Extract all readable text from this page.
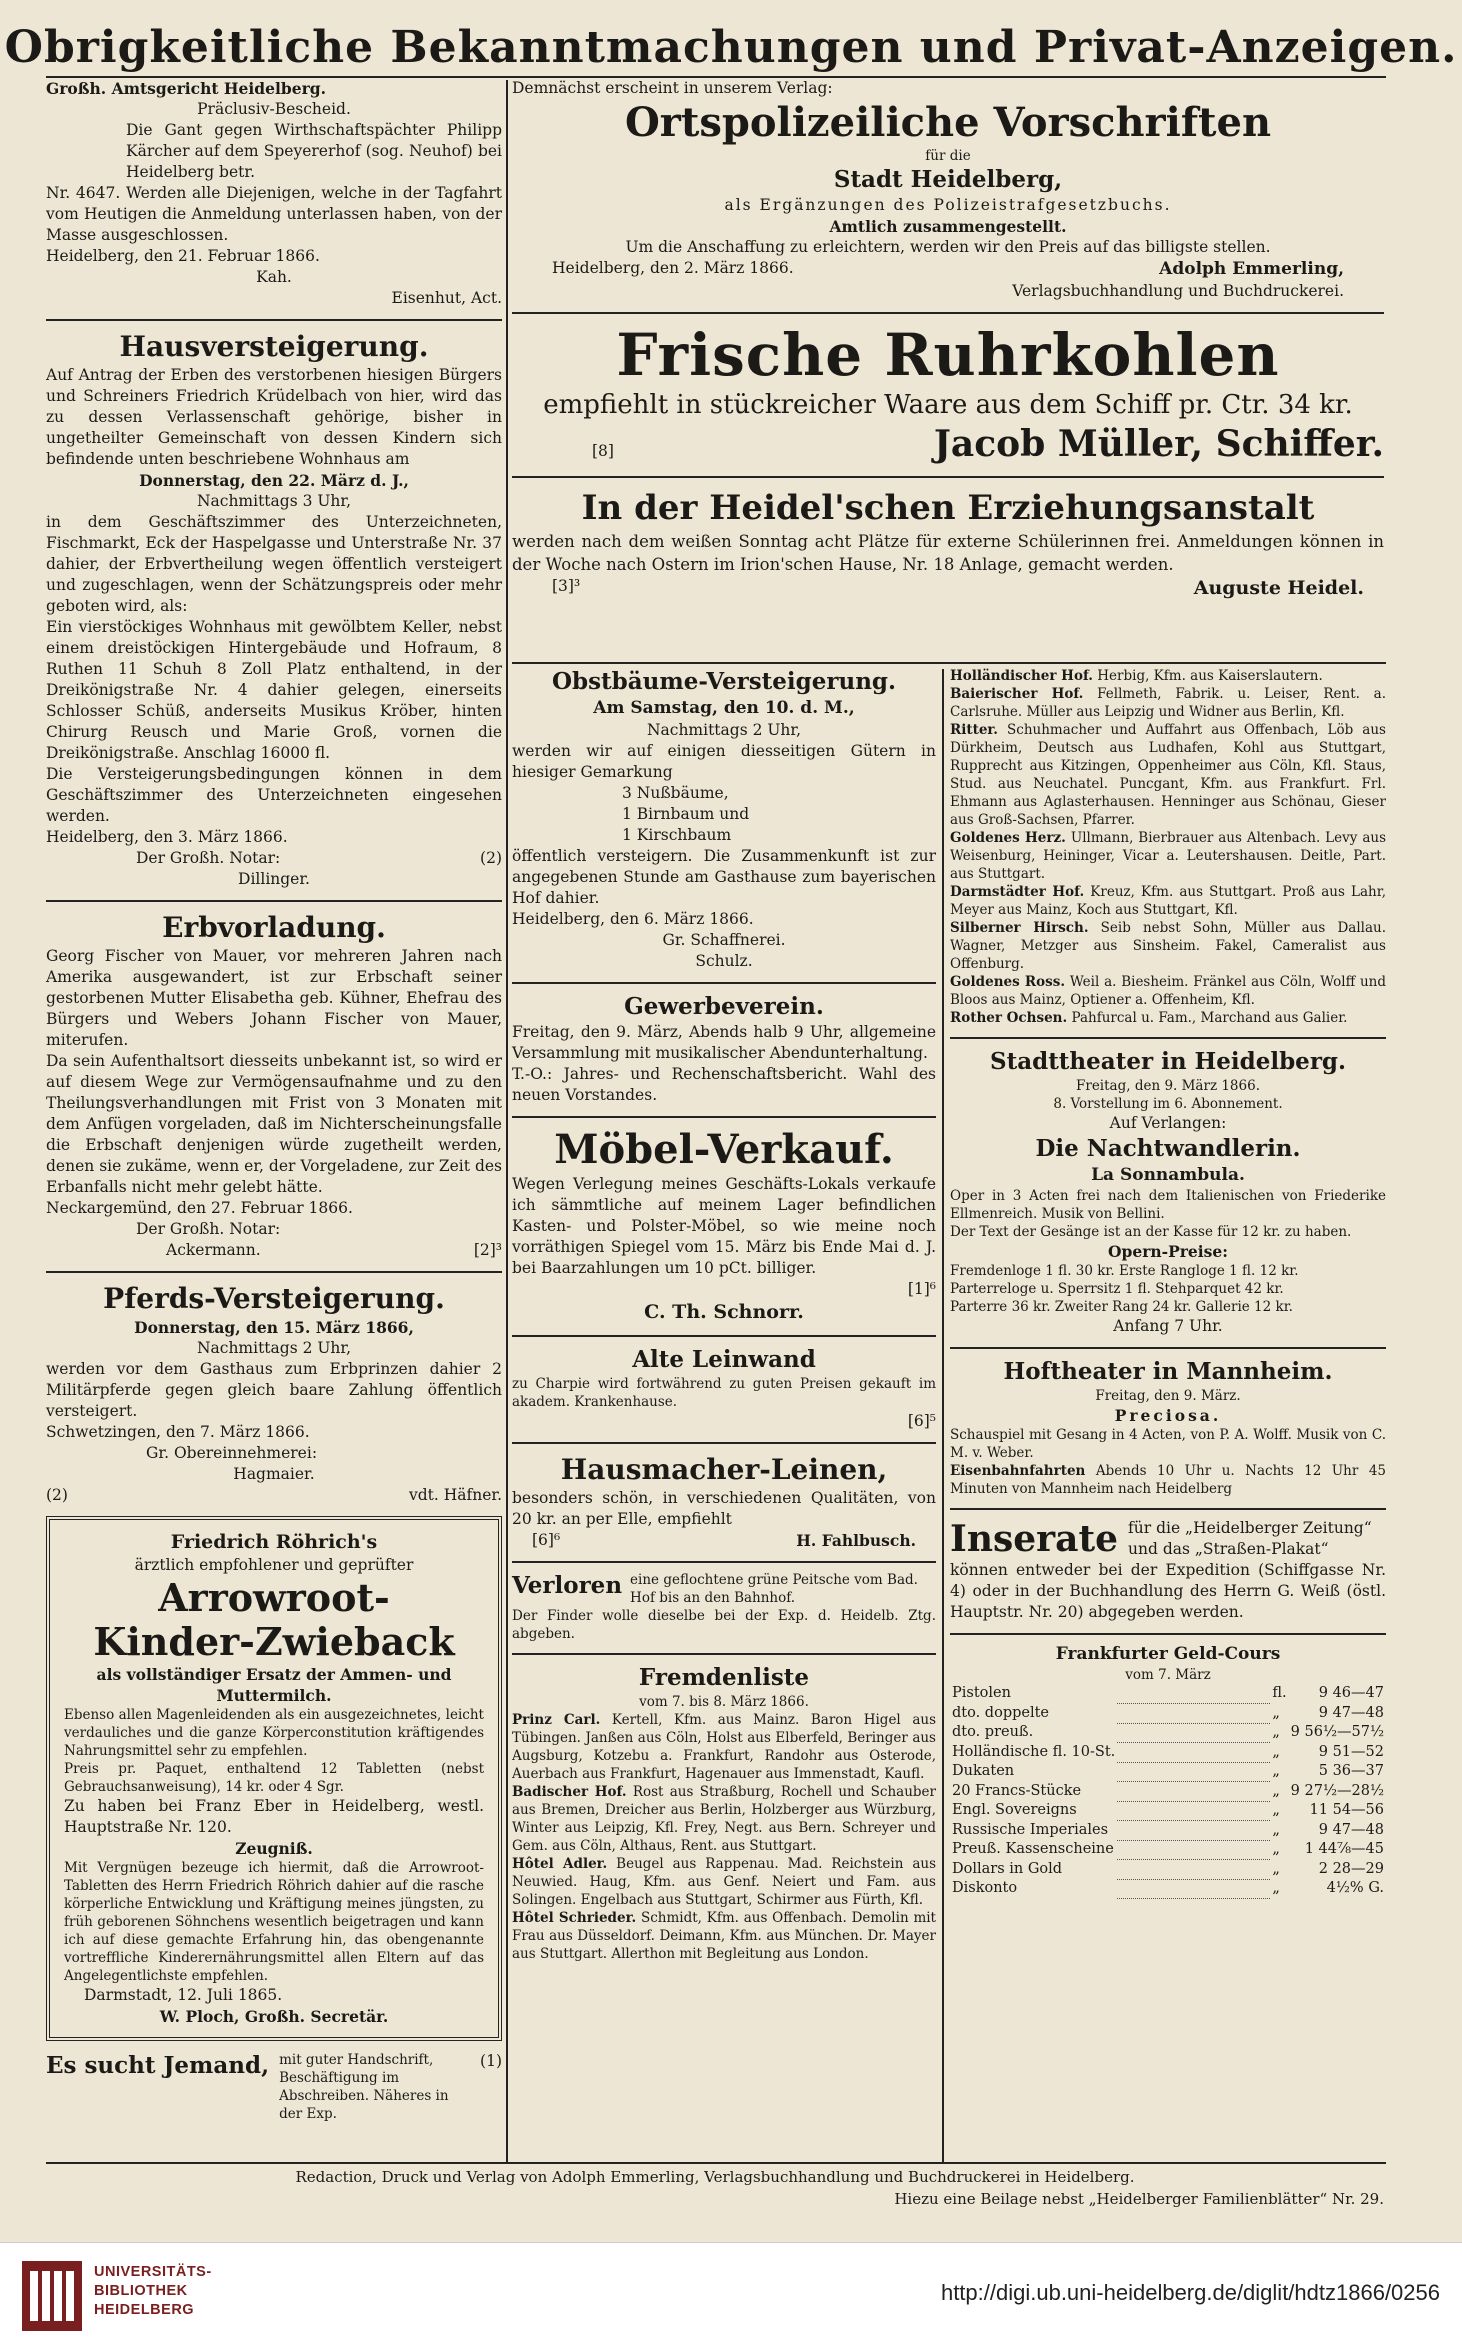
Obrigkeitliche Bekanntmachungen und Privat-Anzeigen.
Großh. Amtsgericht Heidelberg.
Präclusiv-Bescheid.
Die Gant gegen Wirthschaftspächter Philipp Kärcher auf dem Speyererhof (sog. Neuhof) bei Heidelberg betr.
Nr. 4647. Werden alle Diejenigen, welche in der Tagfahrt vom Heutigen die Anmeldung unterlassen haben, von der Masse ausgeschlossen.
Heidelberg, den 21. Februar 1866.
Kah.
Eisenhut, Act.
Hausversteigerung.
Auf Antrag der Erben des verstorbenen hiesigen Bürgers und Schreiners Friedrich Krüdelbach von hier, wird das zu dessen Verlassenschaft gehörige, bisher in ungetheilter Gemeinschaft von dessen Kindern sich befindende unten beschriebene Wohnhaus am
Donnerstag, den 22. März d. J.,
Nachmittags 3 Uhr,
in dem Geschäftszimmer des Unterzeichneten, Fischmarkt, Eck der Haspelgasse und Unterstraße Nr. 37 dahier, der Erbvertheilung wegen öffentlich versteigert und zugeschlagen, wenn der Schätzungspreis oder mehr geboten wird, als:
Ein vierstöckiges Wohnhaus mit gewölbtem Keller, nebst einem dreistöckigen Hintergebäude und Hofraum, 8 Ruthen 11 Schuh 8 Zoll Platz enthaltend, in der Dreikönigstraße Nr. 4 dahier gelegen, einerseits Schlosser Schüß, anderseits Musikus Kröber, hinten Chirurg Reusch und Marie Groß, vornen die Dreikönigstraße. Anschlag 16000 fl.
Die Versteigerungsbedingungen können in dem Geschäftszimmer des Unterzeichneten eingesehen werden.
Heidelberg, den 3. März 1866.
Der Großh. Notar:	(2)
Dillinger.
Erbvorladung.
Georg Fischer von Mauer, vor mehreren Jahren nach Amerika ausgewandert, ist zur Erbschaft seiner gestorbenen Mutter Elisabetha geb. Kühner, Ehefrau des Bürgers und Webers Johann Fischer von Mauer, miterufen.
Da sein Aufenthaltsort diesseits unbekannt ist, so wird er auf diesem Wege zur Vermögensaufnahme und zu den Theilungsverhandlungen mit Frist von 3 Monaten mit dem Anfügen vorgeladen, daß im Nichterscheinungsfalle die Erbschaft denjenigen würde zugetheilt werden, denen sie zukäme, wenn er, der Vorgeladene, zur Zeit des Erbanfalls nicht mehr gelebt hätte.
Neckargemünd, den 27. Februar 1866.
Der Großh. Notar:
Ackermann.	[2]³
Pferds-Versteigerung.
Donnerstag, den 15. März 1866,
Nachmittags 2 Uhr,
werden vor dem Gasthaus zum Erbprinzen dahier 2 Militärpferde gegen gleich baare Zahlung öffentlich versteigert.
Schwetzingen, den 7. März 1866.
Gr. Obereinnehmerei:
Hagmaier.
(2)	vdt. Häfner.
Friedrich Röhrich's
ärztlich empfohlener und geprüfter
Arrowroot-
Kinder-Zwieback
als vollständiger Ersatz der Ammen- und Muttermilch.
Ebenso allen Magenleidenden als ein ausgezeichnetes, leicht verdauliches und die ganze Körperconstitution kräftigendes Nahrungsmittel sehr zu empfehlen.
Preis pr. Paquet, enthaltend 12 Tabletten (nebst Gebrauchsanweisung), 14 kr. oder 4 Sgr.
Zu haben bei Franz Eber in Heidelberg, westl. Hauptstraße Nr. 120.
Zeugniß.
Mit Vergnügen bezeuge ich hiermit, daß die Arrowroot-Tabletten des Herrn Friedrich Röhrich dahier auf die rasche körperliche Entwicklung und Kräftigung meines jüngsten, zu früh geborenen Söhnchens wesentlich beigetragen und kann ich auf diese gemachte Erfahrung hin, das obengenannte vortreffliche Kinderernährungsmittel allen Eltern auf das Angelegentlichste empfehlen.
Darmstadt, 12. Juli 1865.
W. Ploch, Großh. Secretär.
Es sucht Jemand, mit guter Handschrift, Beschäftigung im Abschreiben. Näheres in der Exp.
(1)
Demnächst erscheint in unserem Verlag:
Ortspolizeiliche Vorschriften
für die
Stadt Heidelberg,
als Ergänzungen des Polizeistrafgesetzbuchs.
Amtlich zusammengestellt.
Um die Anschaffung zu erleichtern, werden wir den Preis auf das billigste stellen.
Heidelberg, den 2. März 1866.	Adolph Emmerling,
Verlagsbuchhandlung und Buchdruckerei.
Frische Ruhrkohlen
empfiehlt in stückreicher Waare aus dem Schiff pr. Ctr. 34 kr.
[8]	Jacob Müller, Schiffer.
In der Heidel'schen Erziehungsanstalt
werden nach dem weißen Sonntag acht Plätze für externe Schülerinnen frei. Anmeldungen können in der Woche nach Ostern im Irion'schen Hause, Nr. 18 Anlage, gemacht werden.
[3]³	Auguste Heidel.
Obstbäume-Versteigerung.
Am Samstag, den 10. d. M.,
Nachmittags 2 Uhr,
werden wir auf einigen diesseitigen Gütern in hiesiger Gemarkung
3 Nußbäume,
1 Birnbaum und
1 Kirschbaum
öffentlich versteigern. Die Zusammenkunft ist zur angegebenen Stunde am Gasthause zum bayerischen Hof dahier.
Heidelberg, den 6. März 1866.
Gr. Schaffnerei.
Schulz.
Gewerbeverein.
Freitag, den 9. März, Abends halb 9 Uhr, allgemeine Versammlung mit musikalischer Abendunterhaltung.
T.-O.: Jahres- und Rechenschaftsbericht. Wahl des neuen Vorstandes.
Möbel-Verkauf.
Wegen Verlegung meines Geschäfts-Lokals verkaufe ich sämmtliche auf meinem Lager befindlichen Kasten- und Polster-Möbel, so wie meine noch vorräthigen Spiegel vom 15. März bis Ende Mai d. J. bei Baarzahlungen um 10 pCt. billiger.
[1]⁶
C. Th. Schnorr.
Alte Leinwand
zu Charpie wird fortwährend zu guten Preisen gekauft im akadem. Krankenhause.
[6]⁵
Hausmacher-Leinen,
besonders schön, in verschiedenen Qualitäten, von 20 kr. an per Elle, empfiehlt
[6]⁶	H. Fahlbusch.
Verloren eine geflochtene grüne Peitsche vom Bad. Hof bis an den Bahnhof.
Der Finder wolle dieselbe bei der Exp. d. Heidelb. Ztg. abgeben.
Fremdenliste
vom 7. bis 8. März 1866.
Prinz Carl. Kertell, Kfm. aus Mainz. Baron Higel aus Tübingen. Janßen aus Cöln, Holst aus Elberfeld, Beringer aus Augsburg, Kotzebu a. Frankfurt, Randohr aus Osterode, Auerbach aus Frankfurt, Hagenauer aus Immenstadt, Kaufl.
Badischer Hof. Rost aus Straßburg, Rochell und Schauber aus Bremen, Dreicher aus Berlin, Holzberger aus Würzburg, Winter aus Leipzig, Kfl. Frey, Negt. aus Bern. Schreyer und Gem. aus Cöln, Althaus, Rent. aus Stuttgart.
Hôtel Adler. Beugel aus Rappenau. Mad. Reichstein aus Neuwied. Haug, Kfm. aus Genf. Neiert und Fam. aus Solingen. Engelbach aus Stuttgart, Schirmer aus Fürth, Kfl.
Hôtel Schrieder. Schmidt, Kfm. aus Offenbach. Demolin mit Frau aus Düsseldorf. Deimann, Kfm. aus München. Dr. Mayer aus Stuttgart. Allerthon mit Begleitung aus London.
Holländischer Hof. Herbig, Kfm. aus Kaiserslautern.
Baierischer Hof. Fellmeth, Fabrik. u. Leiser, Rent. a. Carlsruhe. Müller aus Leipzig und Widner aus Berlin, Kfl.
Ritter. Schuhmacher und Auffahrt aus Offenbach, Löb aus Dürkheim, Deutsch aus Ludhafen, Kohl aus Stuttgart, Rupprecht aus Kitzingen, Oppenheimer aus Cöln, Kfl. Staus, Stud. aus Neuchatel. Puncgant, Kfm. aus Frankfurt. Frl. Ehmann aus Aglasterhausen. Henninger aus Schönau, Gieser aus Groß-Sachsen, Pfarrer.
Goldenes Herz. Ullmann, Bierbrauer aus Altenbach. Levy aus Weisenburg, Heininger, Vicar a. Leutershausen. Deitle, Part. aus Stuttgart.
Darmstädter Hof. Kreuz, Kfm. aus Stuttgart. Proß aus Lahr, Meyer aus Mainz, Koch aus Stuttgart, Kfl.
Silberner Hirsch. Seib nebst Sohn, Müller aus Dallau. Wagner, Metzger aus Sinsheim. Fakel, Cameralist aus Offenburg.
Goldenes Ross. Weil a. Biesheim. Fränkel aus Cöln, Wolff und Bloos aus Mainz, Optiener a. Offenheim, Kfl.
Rother Ochsen. Pahfurcal u. Fam., Marchand aus Galier.
Stadttheater in Heidelberg.
Freitag, den 9. März 1866.
8. Vorstellung im 6. Abonnement.
Auf Verlangen:
Die Nachtwandlerin.
La Sonnambula.
Oper in 3 Acten frei nach dem Italienischen von Friederike Ellmenreich. Musik von Bellini.
Der Text der Gesänge ist an der Kasse für 12 kr. zu haben.
Opern-Preise:
Fremdenloge 1 fl. 30 kr. Erste Rangloge 1 fl. 12 kr.
Parterreloge u. Sperrsitz 1 fl. Stehparquet 42 kr.
Parterre 36 kr. Zweiter Rang 24 kr. Gallerie 12 kr.
Anfang 7 Uhr.
Hoftheater in Mannheim.
Freitag, den 9. März.
Preciosa.
Schauspiel mit Gesang in 4 Acten, von P. A. Wolff. Musik von C. M. v. Weber.
Eisenbahnfahrten Abends 10 Uhr u. Nachts 12 Uhr 45 Minuten von Mannheim nach Heidelberg
Inserate für die „Heidelberger Zeitung“ und das „Straßen-Plakat“
können entweder bei der Expedition (Schiffgasse Nr. 4) oder in der Buchhandlung des Herrn G. Weiß (östl. Hauptstr. Nr. 20) abgegeben werden.
Frankfurter Geld-Cours
vom 7. März
Pistolen		fl.	9 46—47
dto. doppelte		„	9 47—48
dto. preuß.		„	9 56½—57½
Holländische fl. 10-St.		„	9 51—52
Dukaten		„	5 36—37
20 Francs-Stücke		„	9 27½—28½
Engl. Sovereigns		„	11 54—56
Russische Imperiales		„	9 47—48
Preuß. Kassenscheine		„	1 44⅞—45
Dollars in Gold		„	2 28—29
Diskonto		„	4½% G.
Redaction, Druck und Verlag von Adolph Emmerling, Verlagsbuchhandlung und Buchdruckerei in Heidelberg.
Hiezu eine Beilage nebst „Heidelberger Familienblätter“ Nr. 29.
UNIVERSITÄTS-
BIBLIOTHEK
HEIDELBERG
http://digi.ub.uni-heidelberg.de/diglit/hdtz1866/0256
